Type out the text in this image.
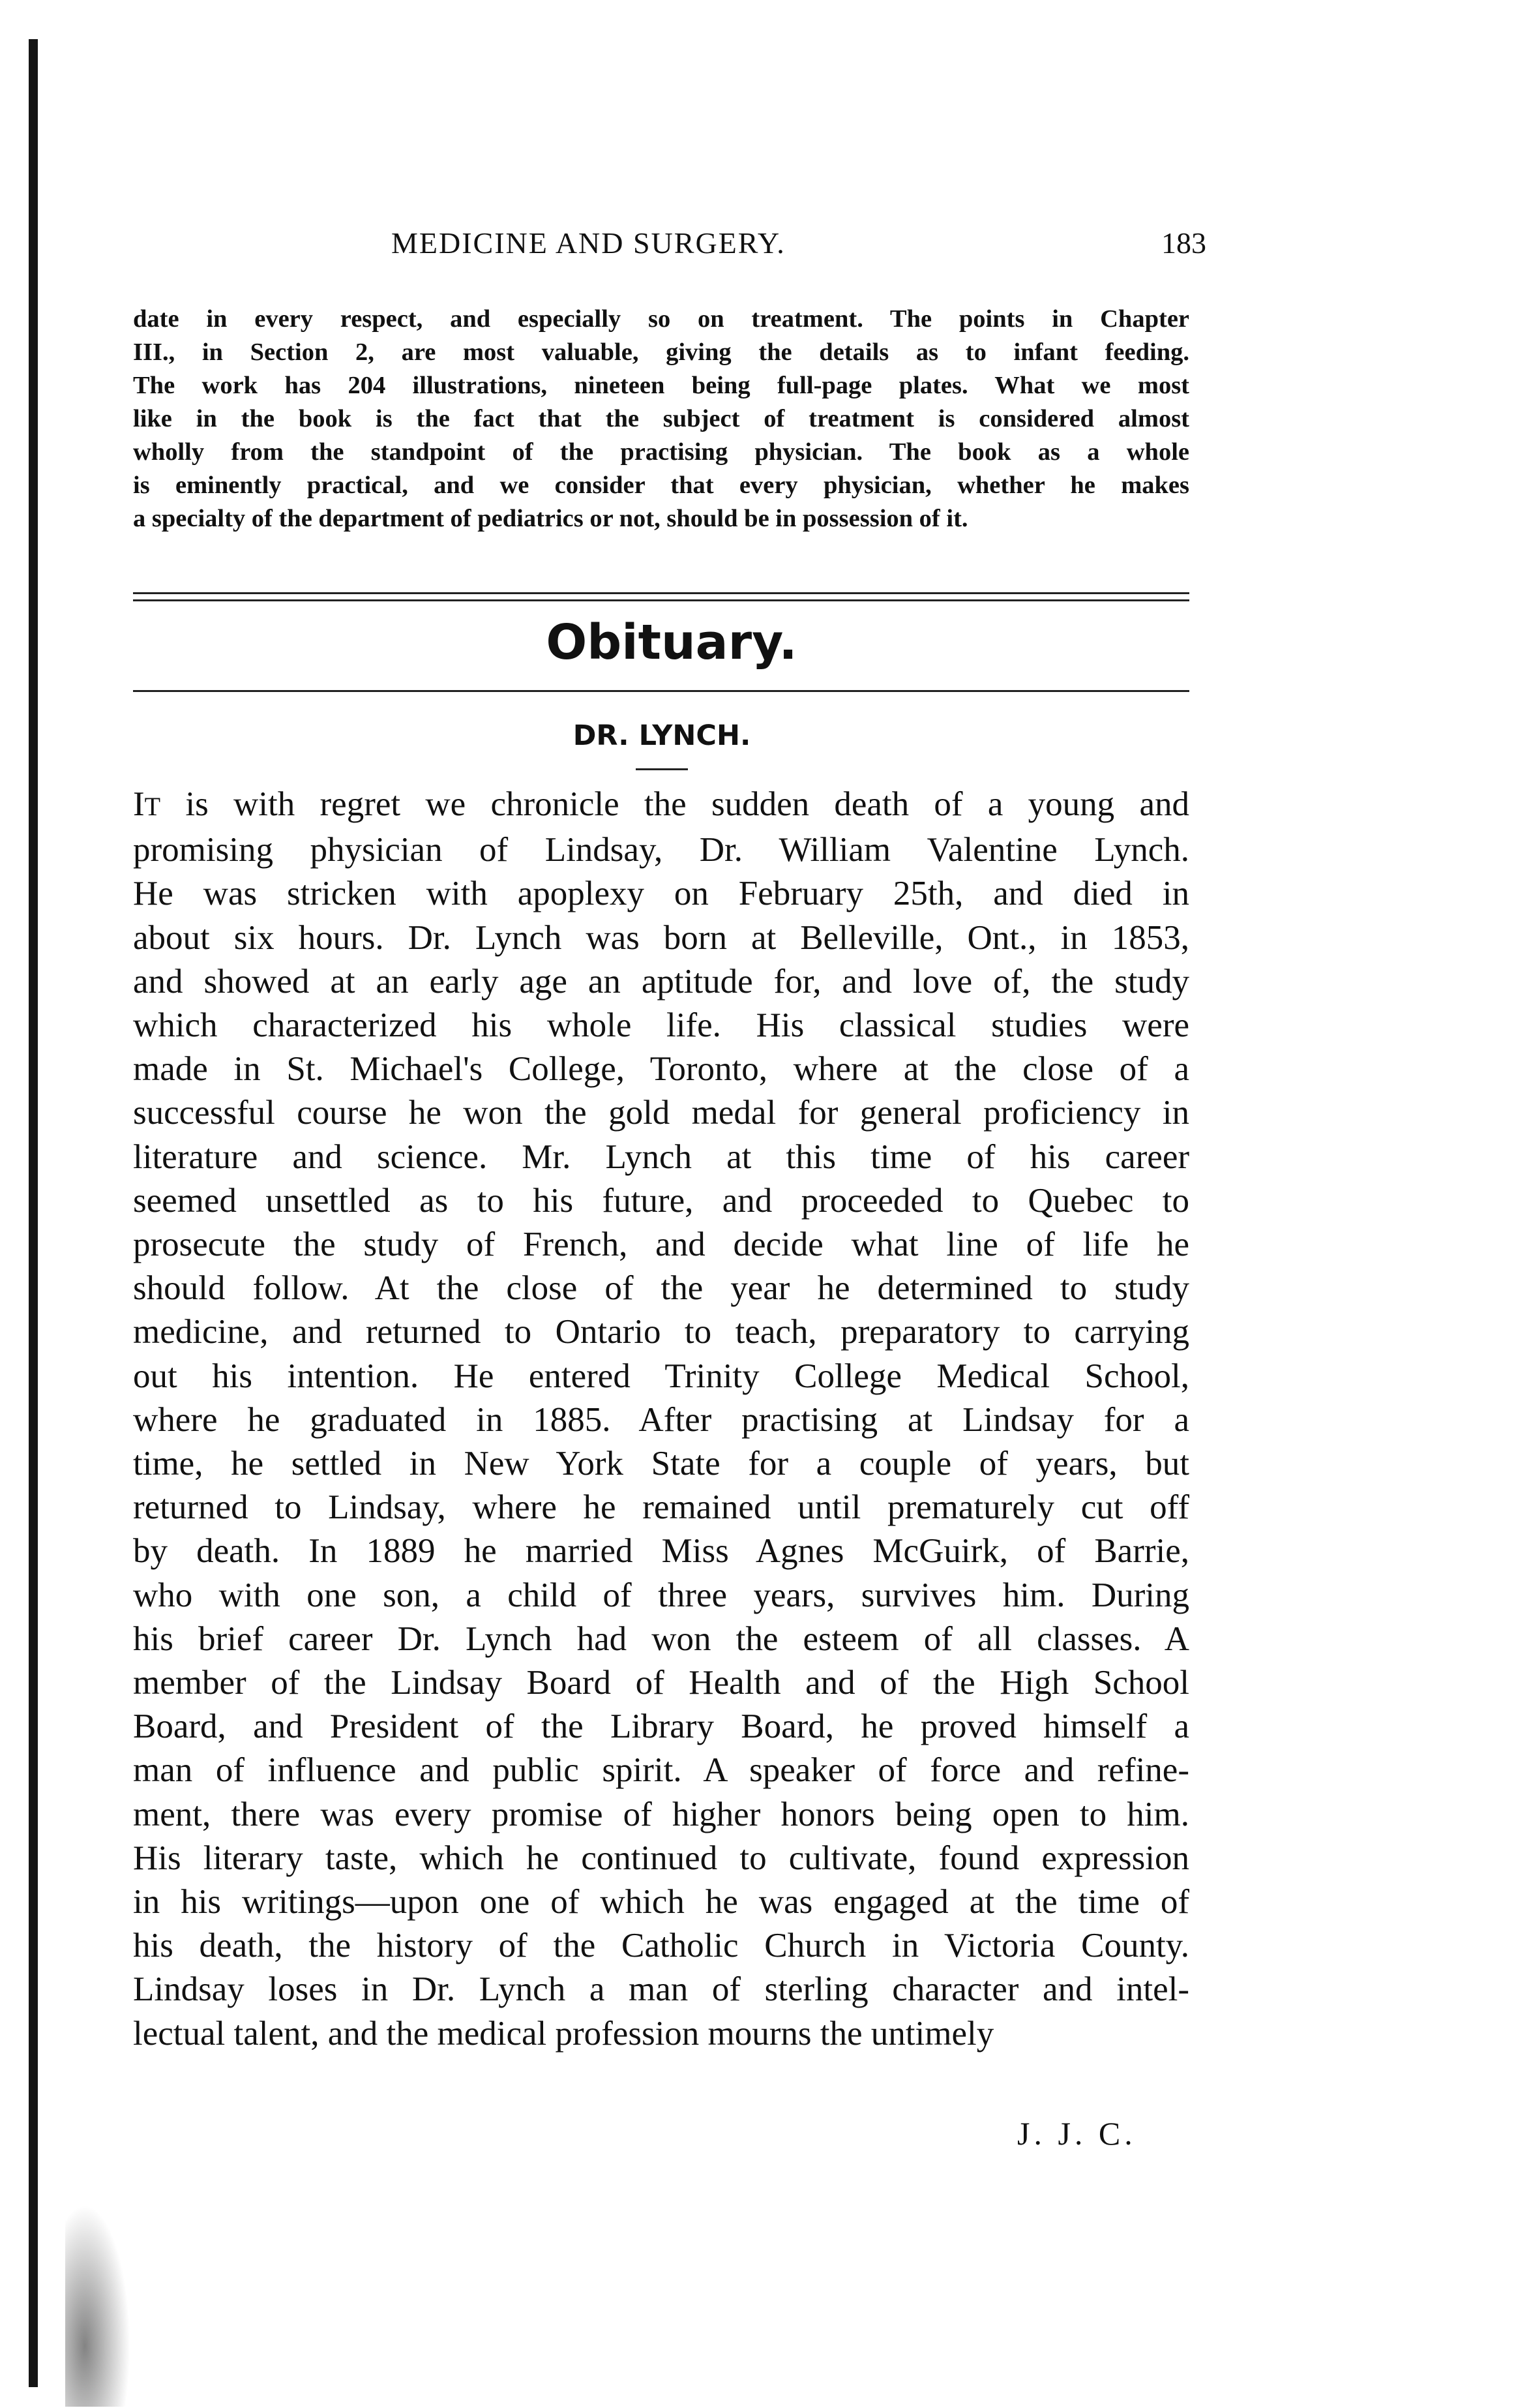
MEDICINE AND SURGERY.	183
date in every respect, and especially so on treatment. The points in Chapter
III., in Section 2, are most valuable, giving the details as to infant feeding.
The work has 204 illustrations, nineteen being full-page plates. What we most
like in the book is the fact that the subject of treatment is considered almost
wholly from the standpoint of the practising physician. The book as a whole
is eminently practical, and we consider that every physician, whether he makes
a specialty of the department of pediatrics or not, should be in possession of it.
Obituary.
DR. LYNCH.
IT is with regret we chronicle the sudden death of a young and
promising physician of Lindsay, Dr. William Valentine Lynch.
He was stricken with apoplexy on February 25th, and died in
about six hours. Dr. Lynch was born at Belleville, Ont., in 1853,
and showed at an early age an aptitude for, and love of, the study
which characterized his whole life. His classical studies were
made in St. Michael's College, Toronto, where at the close of a
successful course he won the gold medal for general proficiency in
literature and science. Mr. Lynch at this time of his career
seemed unsettled as to his future, and proceeded to Quebec to
prosecute the study of French, and decide what line of life he
should follow. At the close of the year he determined to study
medicine, and returned to Ontario to teach, preparatory to carrying
out his intention. He entered Trinity College Medical School,
where he graduated in 1885. After practising at Lindsay for a
time, he settled in New York State for a couple of years, but
returned to Lindsay, where he remained until prematurely cut off
by death. In 1889 he married Miss Agnes McGuirk, of Barrie,
who with one son, a child of three years, survives him. During
his brief career Dr. Lynch had won the esteem of all classes. A
member of the Lindsay Board of Health and of the High School
Board, and President of the Library Board, he proved himself a
man of influence and public spirit. A speaker of force and refine-
ment, there was every promise of higher honors being open to him.
His literary taste, which he continued to cultivate, found expression
in his writings—upon one of which he was engaged at the time of
his death, the history of the Catholic Church in Victoria County.
Lindsay loses in Dr. Lynch a man of sterling character and intel-
lectual talent, and the medical profession mourns the untimely
J. J. C.
